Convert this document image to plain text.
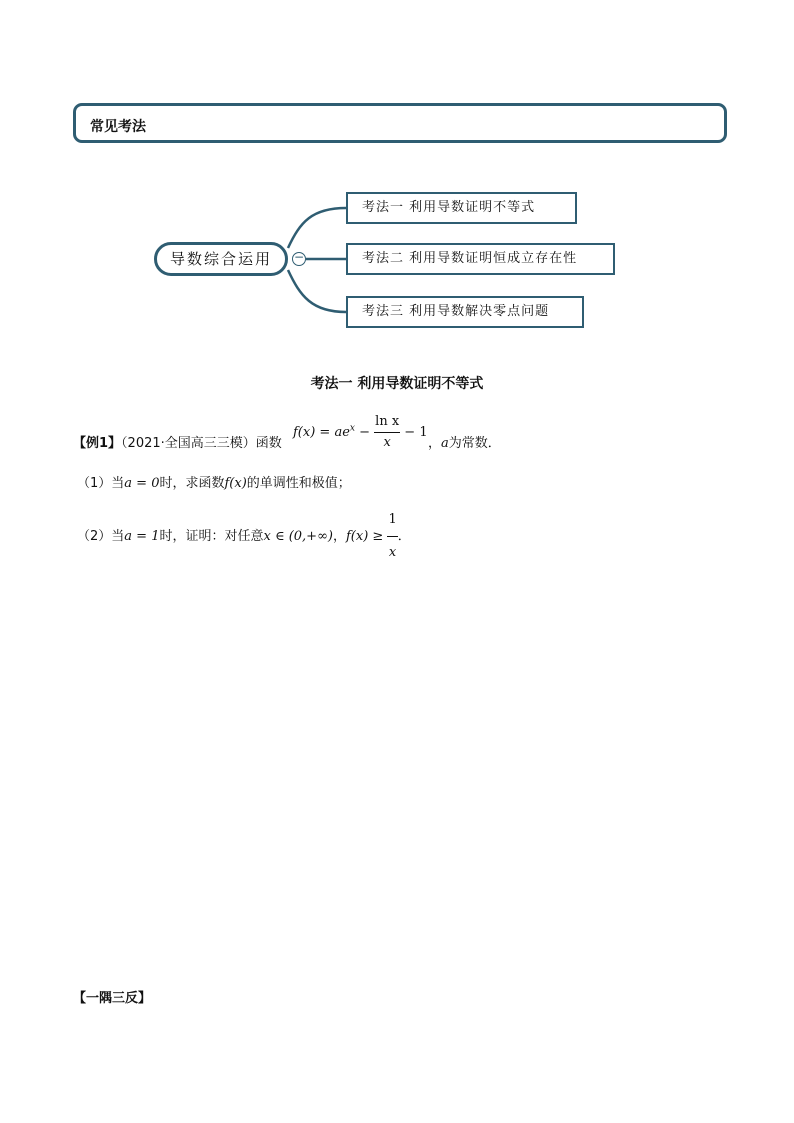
常见考法
导数综合运用	−
考法一 利用导数证明不等式
考法二 利用导数证明恒成立存在性
考法三 利用导数解决零点问题
考法一 利用导数证明不等式
【例1】（2021·全国高三三模）函数
$f(x) = ae^x - \frac{\text{ln x}}{x} - 1$
，a为常数．
（1）当a = 0时，求函数f(x)的单调性和极值；
（2）当a = 1时，证明：对任意x ∈ (0,+∞)，$f(x) \ge \frac{1}{x}$ ．
【一隅三反】
